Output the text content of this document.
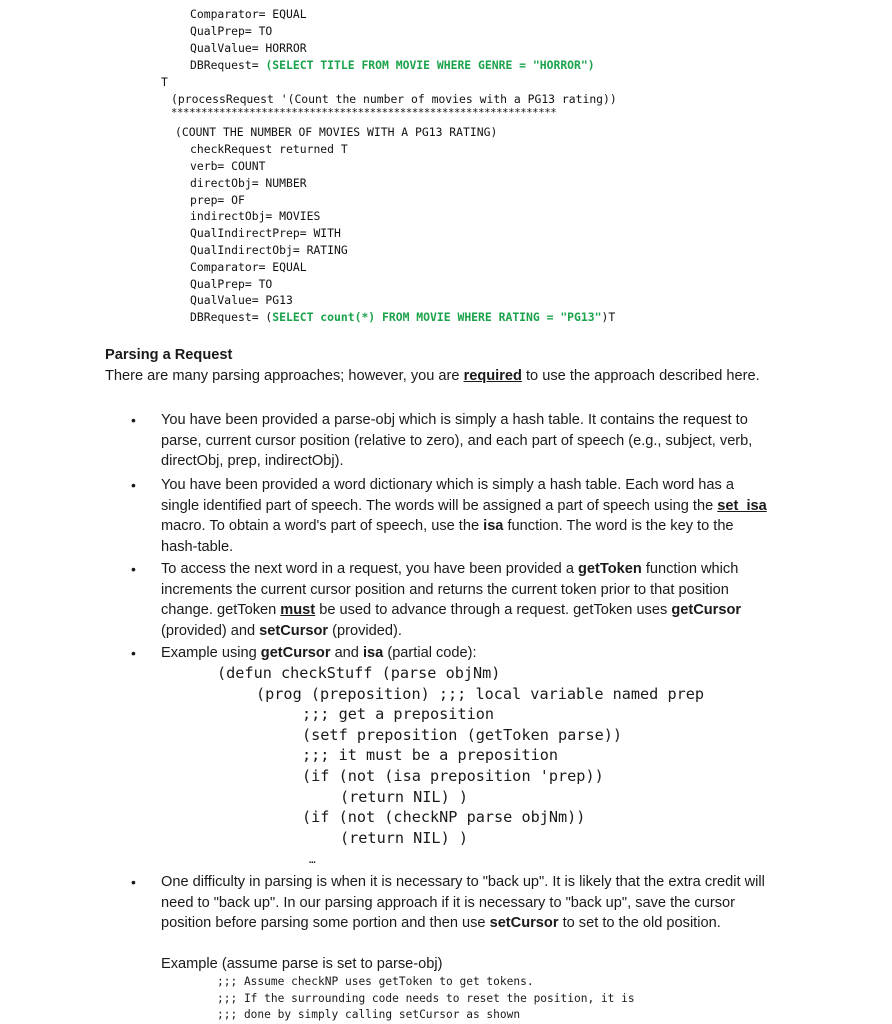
Comparator= EQUAL
QualPrep= TO
QualValue= HORROR
DBRequest= (SELECT TITLE FROM MOVIE WHERE GENRE = "HORROR")
T
(processRequest '(Count the number of movies with a PG13 rating))
****************************************************************
(COUNT THE NUMBER OF MOVIES WITH A PG13 RATING)
checkRequest returned T
verb= COUNT
directObj= NUMBER
prep= OF
indirectObj= MOVIES
QualIndirectPrep= WITH
QualIndirectObj= RATING
Comparator= EQUAL
QualPrep= TO
QualValue= PG13
DBRequest= (SELECT count(*) FROM MOVIE WHERE RATING = "PG13")T
Parsing a Request
There are many parsing approaches; however, you are required to use the approach described here.
• You have been provided a parse-obj which is simply a hash table. It contains the request to parse, current cursor position (relative to zero), and each part of speech (e.g., subject, verb, directObj, prep, indirectObj).
• You have been provided a word dictionary which is simply a hash table. Each word has a single identified part of speech. The words will be assigned a part of speech using the set_isa macro. To obtain a word's part of speech, use the isa function. The word is the key to the hash-table.
• To access the next word in a request, you have been provided a getToken function which increments the current cursor position and returns the current token prior to that position change. getToken must be used to advance through a request. getToken uses getCursor (provided) and setCursor (provided).
• Example using getCursor and isa (partial code):
(defun checkStuff (parse objNm)
(prog (preposition) ;;; local variable named prep
;;; get a preposition
(setf preposition (getToken parse))
;;; it must be a preposition
(if (not (isa preposition 'prep))
(return NIL) )
(if (not (checkNP parse objNm))
(return NIL) )
…
• One difficulty in parsing is when it is necessary to "back up". It is likely that the extra credit will need to "back up". In our parsing approach if it is necessary to "back up", save the cursor position before parsing some portion and then use setCursor to set to the old position.
Example (assume parse is set to parse-obj)
;;; Assume checkNP uses getToken to get tokens.
;;; If the surrounding code needs to reset the position, it is
;;; done by simply calling setCursor as shown
